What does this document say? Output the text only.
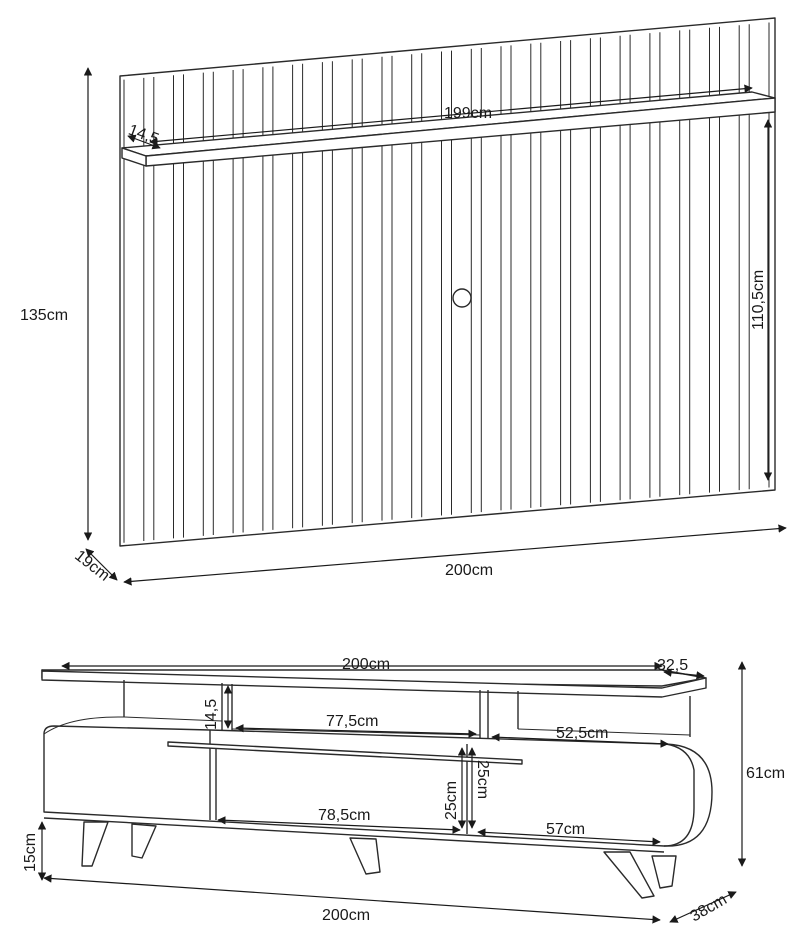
135cm
200cm
19cm
199cm
14,5
110,5cm
200cm	32,5
14,5	77,5cm
52,5cm
25cm
25cm
78,5cm
57cm
61cm
15cm
200cm	38cm
